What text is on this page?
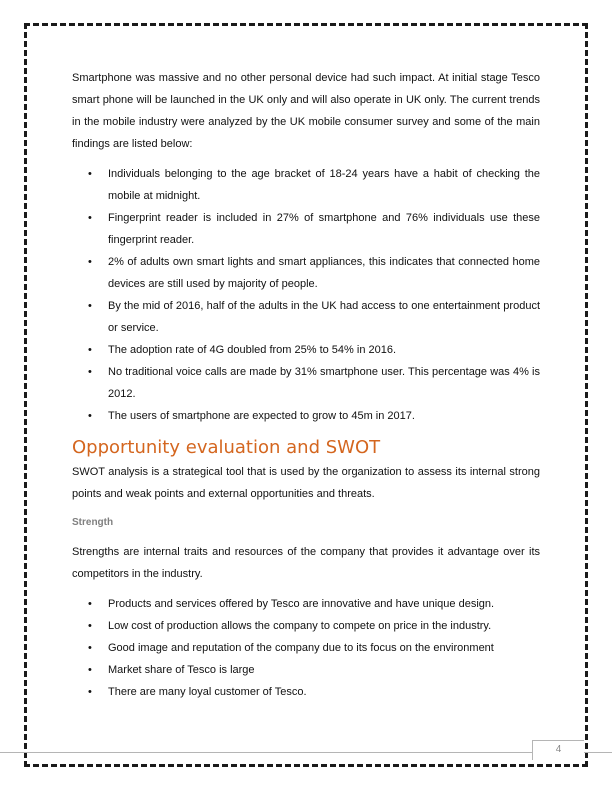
Smartphone was massive and no other personal device had such impact. At initial stage Tesco smart phone will be launched in the UK only and will also operate in UK only. The current trends in the mobile industry were analyzed by the UK mobile consumer survey and some of the main findings are listed below:

• Individuals belonging to the age bracket of 18-24 years have a habit of checking the mobile at midnight.
• Fingerprint reader is included in 27% of smartphone and 76% individuals use these fingerprint reader.
• 2% of adults own smart lights and smart appliances, this indicates that connected home devices are still used by majority of people.
• By the mid of 2016, half of the adults in the UK had access to one entertainment product or service.
• The adoption rate of 4G doubled from 25% to 54% in 2016.
• No traditional voice calls are made by 31% smartphone user. This percentage was 4% is 2012.
• The users of smartphone are expected to grow to 45m in 2017.
Opportunity evaluation and SWOT

SWOT analysis is a strategical tool that is used by the organization to assess its internal strong points and weak points and external opportunities and threats.

Strength

Strengths are internal traits and resources of the company that provides it advantage over its competitors in the industry.

• Products and services offered by Tesco are innovative and have unique design.
• Low cost of production allows the company to compete on price in the industry.
• Good image and reputation of the company due to its focus on the environment
• Market share of Tesco is large
• There are many loyal customer of Tesco.
4
